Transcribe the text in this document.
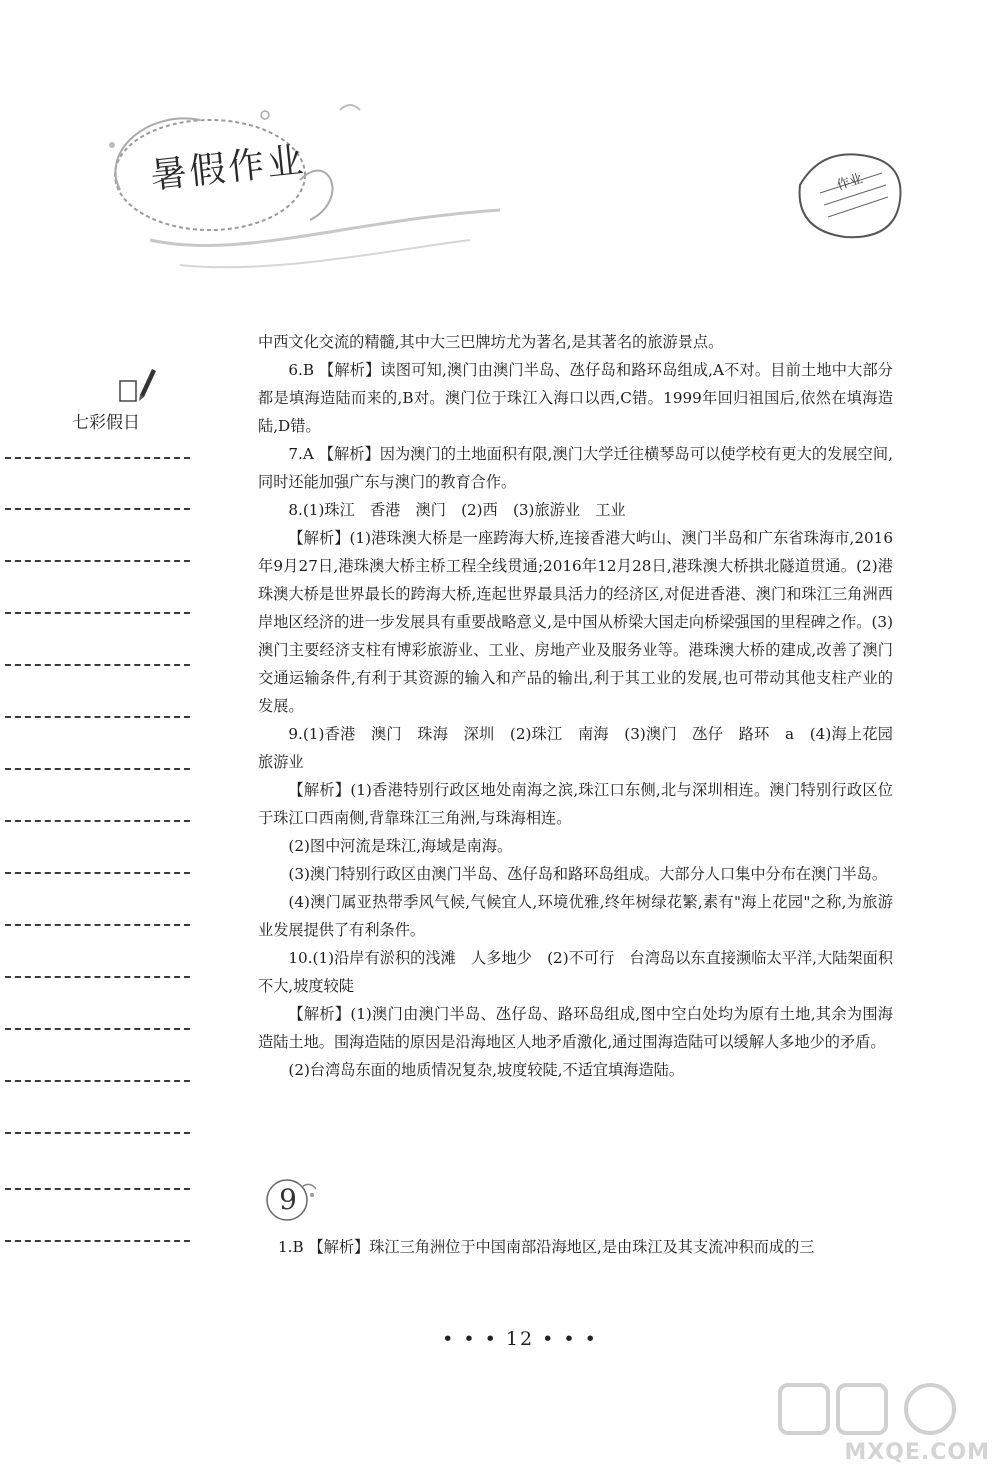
暑假作业	作业
七彩假日

中西文化交流的精髓,其中大三巴牌坊尤为著名,是其著名的旅游景点。

6.B 【解析】读图可知,澳门由澳门半岛、氹仔岛和路环岛组成,A不对。目前土地中大部分都是填海造陆而来的,B对。澳门位于珠江入海口以西,C错。1999年回归祖国后,依然在填海造陆,D错。

7.A 【解析】因为澳门的土地面积有限,澳门大学迁往横琴岛可以使学校有更大的发展空间,同时还能加强广东与澳门的教育合作。

8.(1)珠江　香港　澳门　(2)西　(3)旅游业　工业

【解析】(1)港珠澳大桥是一座跨海大桥,连接香港大屿山、澳门半岛和广东省珠海市,2016年9月27日,港珠澳大桥主桥工程全线贯通;2016年12月28日,港珠澳大桥拱北隧道贯通。(2)港珠澳大桥是世界最长的跨海大桥,连起世界最具活力的经济区,对促进香港、澳门和珠江三角洲西岸地区经济的进一步发展具有重要战略意义,是中国从桥梁大国走向桥梁强国的里程碑之作。(3)澳门主要经济支柱有博彩旅游业、工业、房地产业及服务业等。港珠澳大桥的建成,改善了澳门交通运输条件,有利于其资源的输入和产品的输出,利于其工业的发展,也可带动其他支柱产业的发展。

9.(1)香港　澳门　珠海　深圳　(2)珠江　南海　(3)澳门　氹仔　路环　a　(4)海上花园　旅游业

【解析】(1)香港特别行政区地处南海之滨,珠江口东侧,北与深圳相连。澳门特别行政区位于珠江口西南侧,背靠珠江三角洲,与珠海相连。

(2)图中河流是珠江,海域是南海。

(3)澳门特别行政区由澳门半岛、氹仔岛和路环岛组成。大部分人口集中分布在澳门半岛。

(4)澳门属亚热带季风气候,气候宜人,环境优雅,终年树绿花繁,素有"海上花园"之称,为旅游业发展提供了有利条件。

10.(1)沿岸有淤积的浅滩　人多地少　(2)不可行　台湾岛以东直接濒临太平洋,大陆架面积不大,坡度较陡

【解析】(1)澳门由澳门半岛、氹仔岛、路环岛组成,图中空白处均为原有土地,其余为围海造陆土地。围海造陆的原因是沿海地区人地矛盾激化,通过围海造陆可以缓解人多地少的矛盾。

(2)台湾岛东面的地质情况复杂,坡度较陡,不适宜填海造陆。

9
1.B 【解析】珠江三角洲位于中国南部沿海地区,是由珠江及其支流冲积而成的三
• • • 12 • • •
MXQE.COM
